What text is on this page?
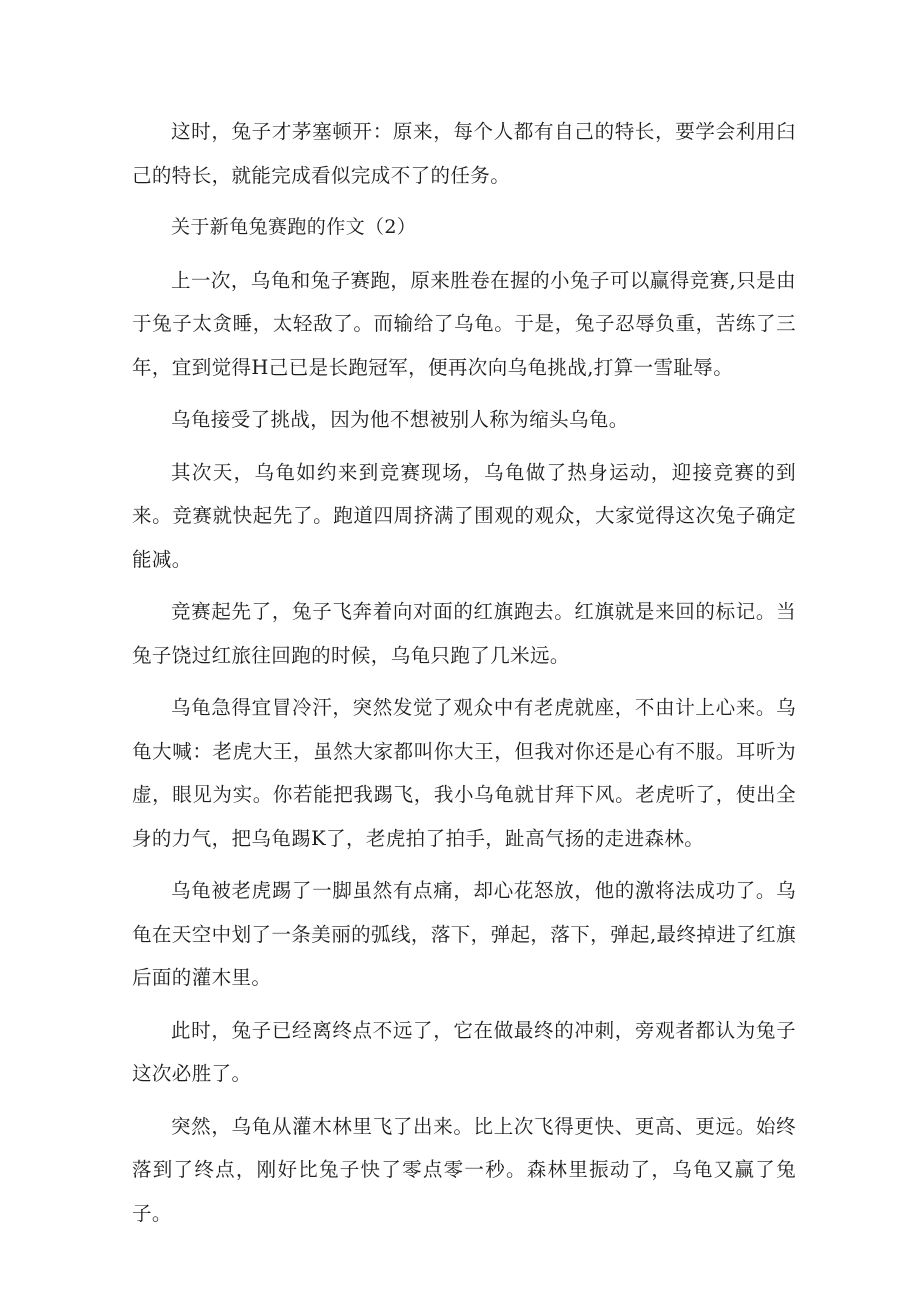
这时，兔子才茅塞顿开：原来，每个人都有自己的特长，要学会利用臼己的特长，就能完成看似完成不了的任务。

关于新龟兔赛跑的作文（2）

上一次，乌龟和兔子赛跑，原来胜卷在握的小兔子可以赢得竞赛,只是由于兔子太贪睡，太轻敌了。而输给了乌龟。于是，兔子忍辱负重，苦练了三年，宜到觉得H己已是长跑冠军，便再次向乌龟挑战,打算一雪耻辱。

乌龟接受了挑战，因为他不想被别人称为缩头乌龟。

其次天，乌龟如约来到竞赛现场，乌龟做了热身运动，迎接竞赛的到来。竞赛就快起先了。跑道四周挤满了围观的观众，大家觉得这次兔子确定能减。

竞赛起先了，兔子飞奔着向对面的红旗跑去。红旗就是来回的标记。当兔子饶过红旅往回跑的时候，乌龟只跑了几米远。

乌龟急得宜冒冷汗，突然发觉了观众中有老虎就座，不由计上心来。乌龟大喊：老虎大王，虽然大家都叫你大王，但我对你还是心有不服。耳听为虚，眼见为实。你若能把我踢飞，我小乌龟就甘拜下风。老虎听了，使出全身的力气，把乌龟踢K了，老虎拍了拍手，趾高气扬的走进森林。

乌龟被老虎踢了一脚虽然有点痛，却心花怒放，他的激将法成功了。乌龟在天空中划了一条美丽的弧线，落下，弹起，落下，弹起,最终掉进了红旗后面的灌木里。

此时，兔子已经离终点不远了，它在做最终的冲刺，旁观者都认为兔子这次必胜了。

突然，乌龟从灌木林里飞了出来。比上次飞得更快、更高、更远。始终落到了终点，刚好比兔子快了零点零一秒。森林里振动了，乌龟又赢了兔子。
